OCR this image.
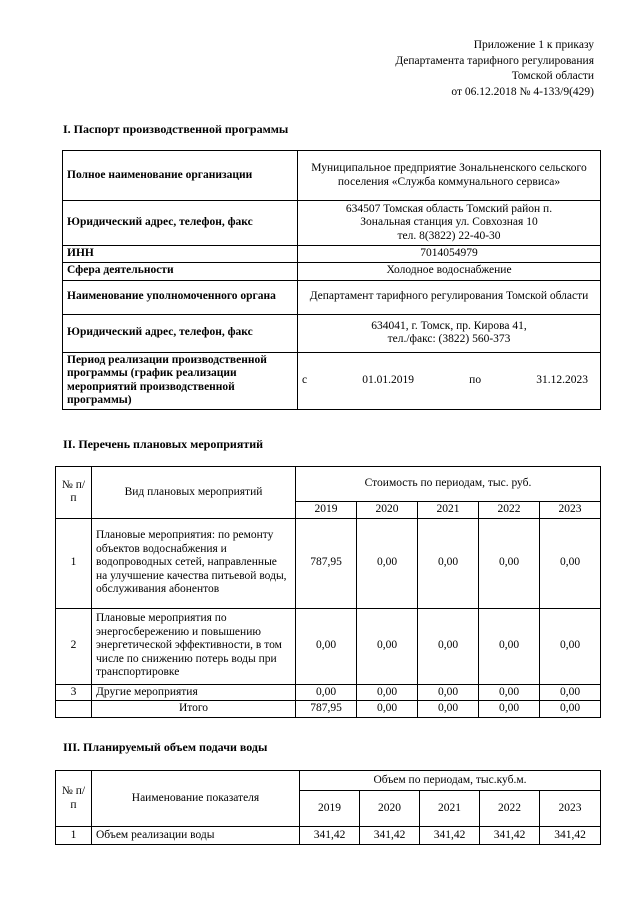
Приложение 1 к приказу
Департамента тарифного регулирования
Томской области
от 06.12.2018 № 4-133/9(429)
I. Паспорт производственной программы
Полное наименование организации	Муниципальное предприятие Зональненского сельского поселения «Служба коммунального сервиса»
Юридический адрес, телефон, факс	634507 Томская область Томский район п.
Зональная станция ул. Совхозная 10
тел. 8(3822) 22-40-30

ИНН	7014054979
Сфера деятельности	Холодное водоснабжение
Наименование уполномоченного органа	Департамент тарифного регулирования Томской области
Юридический адрес, телефон, факс	634041, г. Томск, пр. Кирова 41,
тел./факс: (3822) 560-373

Период реализации производственной программы (график реализации мероприятий производственной программы)	с 01.01.2019 по 31.12.2023
II. Перечень плановых мероприятий
№ п/п	Вид плановых мероприятий	Стоимость по периодам, тыс. руб.				
		2019	2020	2021	2022	2023
1	Плановые мероприятия: по ремонту объектов водоснабжения и водопроводных сетей, направленные на улучшение качества питьевой воды, обслуживания абонентов	787,95	0,00	0,00	0,00	0,00
2	Плановые мероприятия по энергосбережению и повышению энергетической эффективности, в том числе по снижению потерь воды при транспортировке	0,00	0,00	0,00	0,00	0,00
3	Другие мероприятия	0,00	0,00	0,00	0,00	0,00
	Итого	787,95	0,00	0,00	0,00	0,00
III. Планируемый объем подачи воды
№ п/п	Наименование показателя	Объем по периодам, тыс.куб.м.				
		2019	2020	2021	2022	2023
1	Объем реализации воды	341,42	341,42	341,42	341,42	341,42
